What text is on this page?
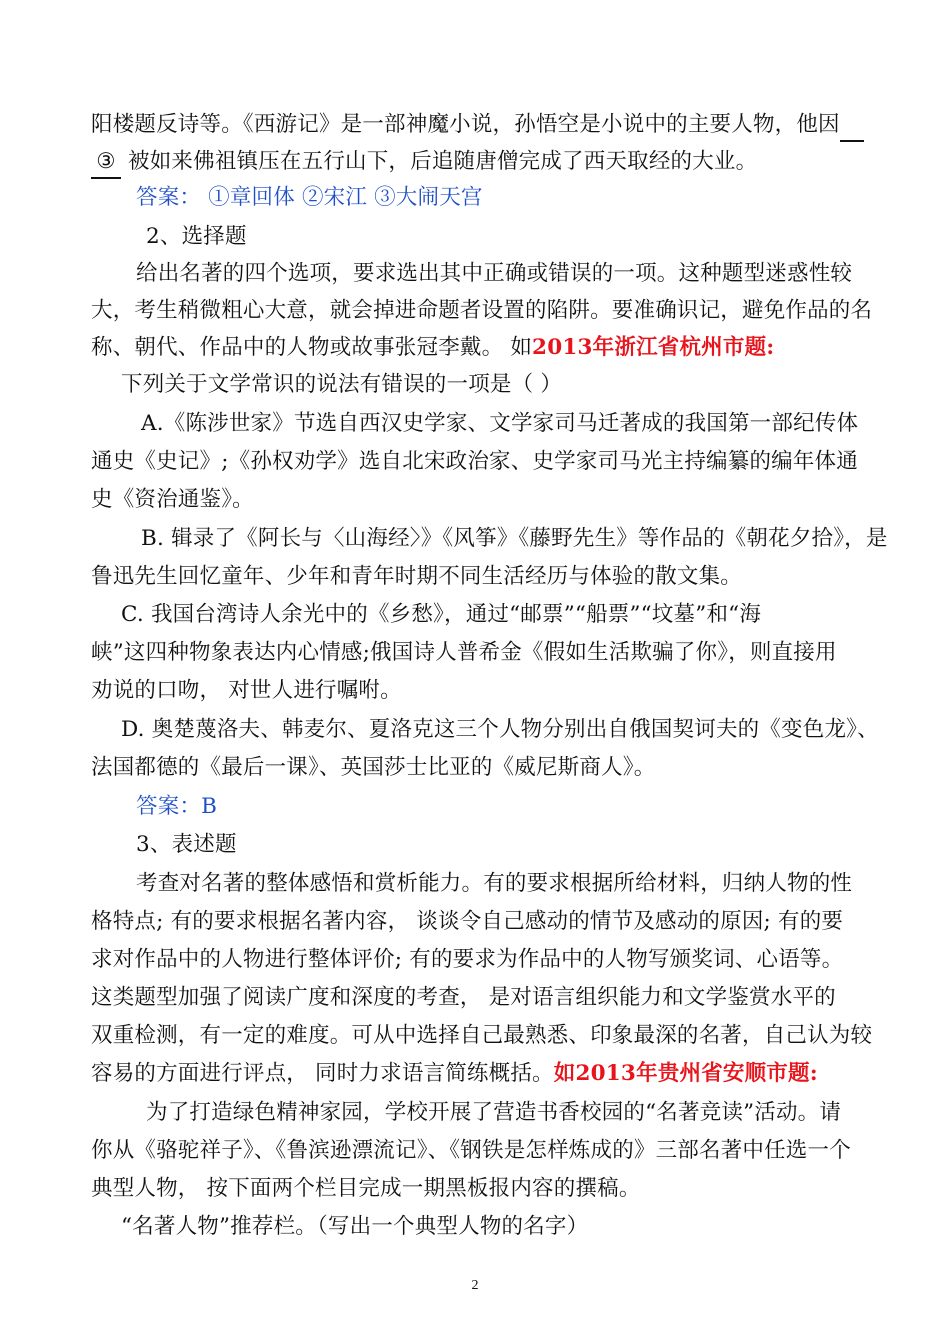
阳楼题反诗等。《西游记》是一部神魔小说，孙悟空是小说中的主要人物，他因
③ 被如来佛祖镇压在五行山下，后追随唐僧完成了西天取经的大业。
答案： ①章回体 ②宋江 ③大闹天宫
2、选择题
给出名著的四个选项，要求选出其中正确或错误的一项。这种题型迷惑性较
大，考生稍微粗心大意，就会掉进命题者设置的陷阱。要准确识记，避免作品的名
称、朝代、作品中的人物或故事张冠李戴。 如2013年浙江省杭州市题:
下列关于文学常识的说法有错误的一项是（ ）
A.《陈涉世家》节选自西汉史学家、文学家司马迁著成的我国第一部纪传体
通史《史记》;《孙权劝学》选自北宋政治家、史学家司马光主持编纂的编年体通
史《资治通鉴》。
B. 辑录了《阿长与〈山海经〉》《风筝》《藤野先生》等作品的《朝花夕拾》，是
鲁迅先生回忆童年、少年和青年时期不同生活经历与体验的散文集。
C. 我国台湾诗人余光中的《乡愁》，通过“邮票”“船票”“坟墓”和“海
峡”这四种物象表达内心情感;俄国诗人普希金《假如生活欺骗了你》，则直接用
劝说的口吻， 对世人进行嘱咐。
D. 奥楚蔑洛夫、韩麦尔、夏洛克这三个人物分别出自俄国契诃夫的《变色龙》、
法国都德的《最后一课》、英国莎士比亚的《威尼斯商人》。
答案：B
3、表述题
考查对名著的整体感悟和赏析能力。有的要求根据所给材料，归纳人物的性
格特点; 有的要求根据名著内容， 谈谈令自己感动的情节及感动的原因; 有的要
求对作品中的人物进行整体评价; 有的要求为作品中的人物写颁奖词、心语等。
这类题型加强了阅读广度和深度的考查， 是对语言组织能力和文学鉴赏水平的
双重检测，有一定的难度。可从中选择自己最熟悉、印象最深的名著，自己认为较
容易的方面进行评点， 同时力求语言简练概括。如2013年贵州省安顺市题:
为了打造绿色精神家园，学校开展了营造书香校园的“名著竞读”活动。请
你从《骆驼祥子》、《鲁滨逊漂流记》、《钢铁是怎样炼成的》三部名著中任选一个
典型人物， 按下面两个栏目完成一期黑板报内容的撰稿。
“名著人物”推荐栏。（写出一个典型人物的名字）
2
